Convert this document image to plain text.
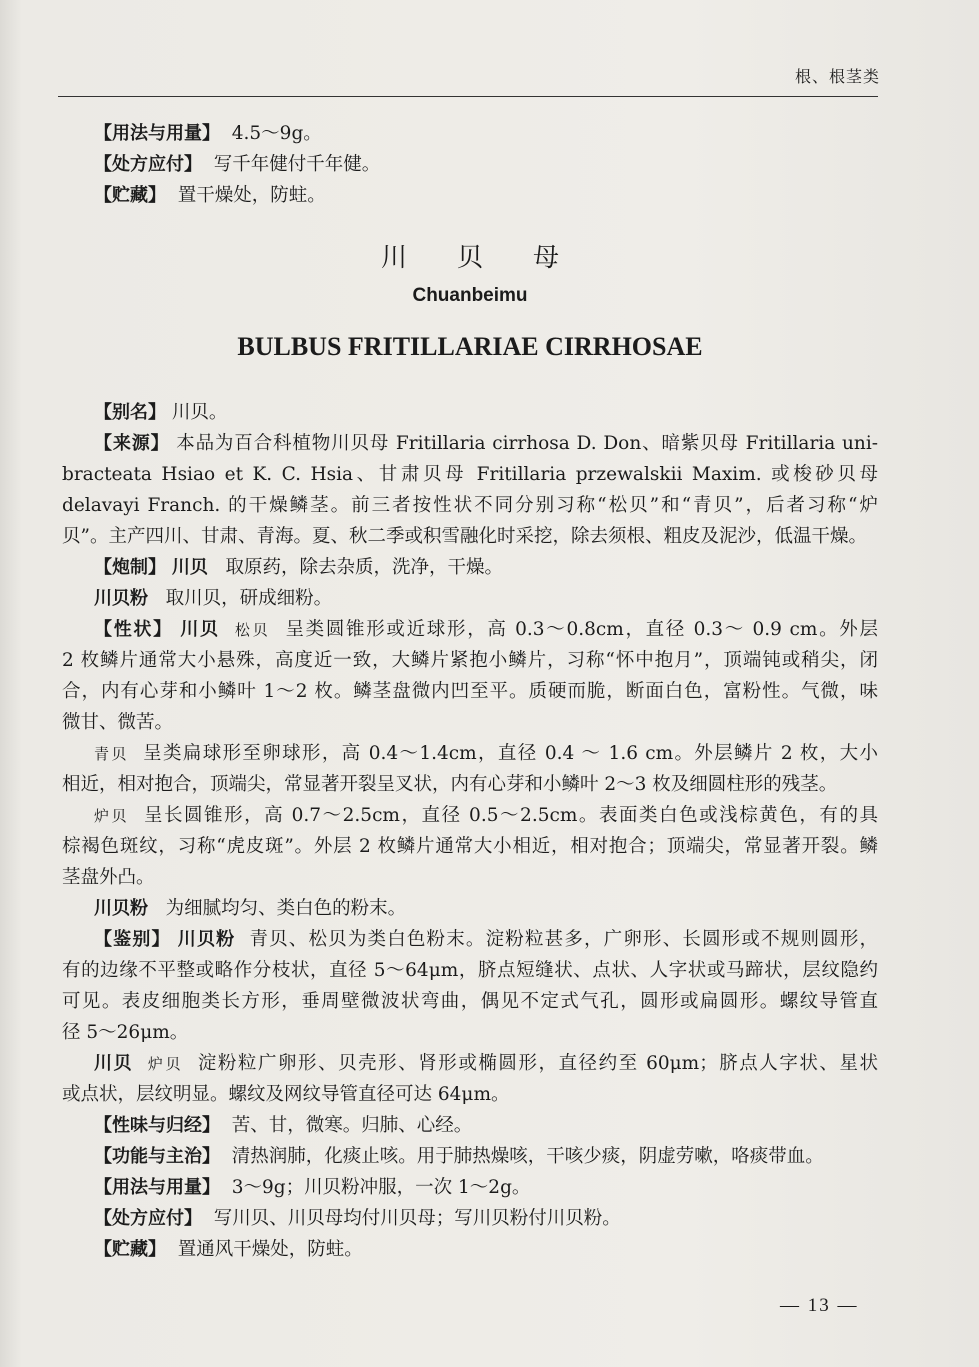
根、根茎类
【用法与用量】 4.5～9g。
【处方应付】 写千年健付千年健。
【贮藏】 置干燥处，防蛀。
川贝母
Chuanbeimu
BULBUS FRITILLARIAE CIRRHOSAE
【别名】 川贝。
【来源】 本品为百合科植物川贝母 Fritillaria cirrhosa D. Don、暗紫贝母 Fritillaria uni-
bracteata Hsiao et K. C. Hsia、甘肃贝母 Fritillaria przewalskii Maxim. 或梭砂贝母
delavayi Franch. 的干燥鳞茎。前三者按性状不同分别习称“松贝”和“青贝”，后者习称“炉
贝”。主产四川、甘肃、青海。夏、秋二季或积雪融化时采挖，除去须根、粗皮及泥沙，低温干燥。
【炮制】 川贝 取原药，除去杂质，洗净，干燥。
川贝粉 取川贝，研成细粉。
【性状】 川贝 松贝 呈类圆锥形或近球形，高 0.3～0.8cm，直径 0.3～ 0.9 cm。外层
2 枚鳞片通常大小悬殊，高度近一致，大鳞片紧抱小鳞片，习称“怀中抱月”，顶端钝或稍尖，闭
合，内有心芽和小鳞叶 1～2 枚。鳞茎盘微内凹至平。质硬而脆，断面白色，富粉性。气微，味
微甘、微苦。
青贝 呈类扁球形至卵球形，高 0.4～1.4cm，直径 0.4 ～ 1.6 cm。外层鳞片 2 枚，大小
相近，相对抱合，顶端尖，常显著开裂呈叉状，内有心芽和小鳞叶 2～3 枚及细圆柱形的残茎。
炉贝 呈长圆锥形，高 0.7～2.5cm，直径 0.5～2.5cm。表面类白色或浅棕黄色，有的具
棕褐色斑纹，习称“虎皮斑”。外层 2 枚鳞片通常大小相近，相对抱合；顶端尖，常显著开裂。鳞
茎盘外凸。
川贝粉 为细腻均匀、类白色的粉末。
【鉴别】 川贝粉 青贝、松贝为类白色粉末。淀粉粒甚多，广卵形、长圆形或不规则圆形，
有的边缘不平整或略作分枝状，直径 5～64μm，脐点短缝状、点状、人字状或马蹄状，层纹隐约
可见。表皮细胞类长方形，垂周壁微波状弯曲，偶见不定式气孔，圆形或扁圆形。螺纹导管直
径 5～26μm。
川贝 炉贝 淀粉粒广卵形、贝壳形、肾形或椭圆形，直径约至 60μm；脐点人字状、星状
或点状，层纹明显。螺纹及网纹导管直径可达 64μm。
【性味与归经】 苦、甘，微寒。归肺、心经。
【功能与主治】 清热润肺，化痰止咳。用于肺热燥咳，干咳少痰，阴虚劳嗽，咯痰带血。
【用法与用量】 3～9g；川贝粉冲服，一次 1～2g。
【处方应付】 写川贝、川贝母均付川贝母；写川贝粉付川贝粉。
【贮藏】 置通风干燥处，防蛀。
— 13 —
